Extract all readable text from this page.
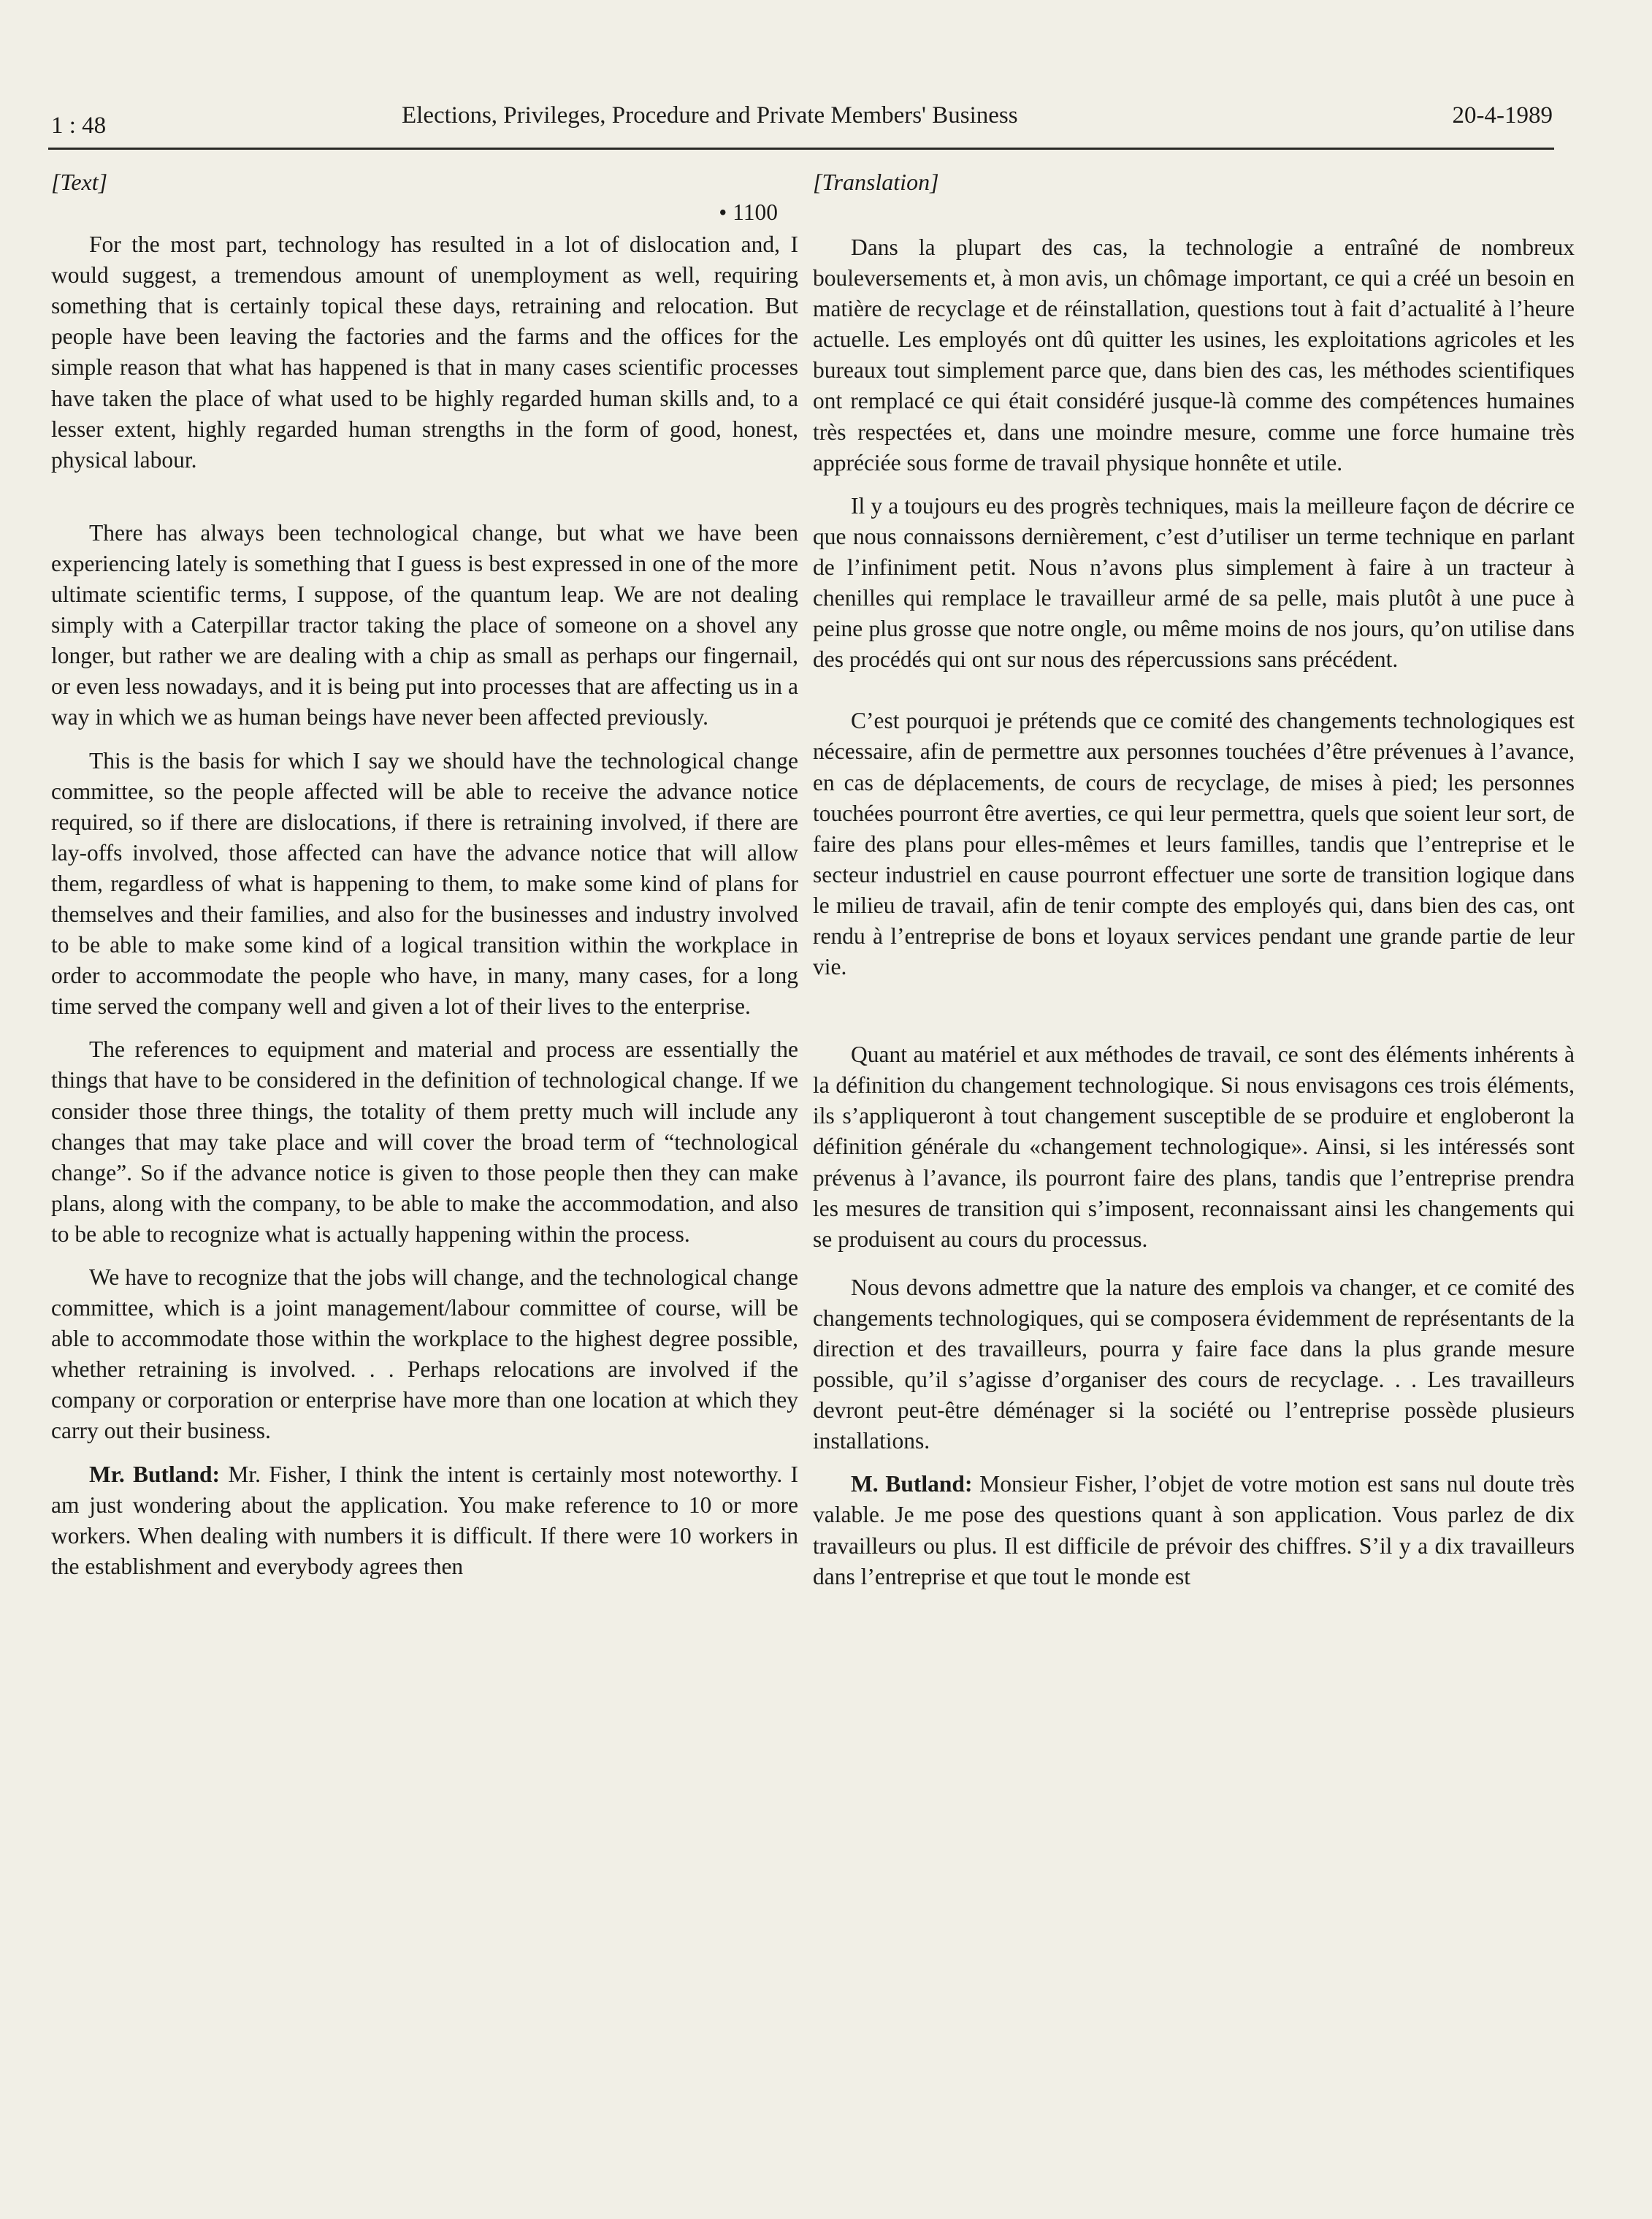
1 : 48	Elections, Privileges, Procedure and Private Members' Business	20-4-1989
[Text]
• 1100

For the most part, technology has resulted in a lot of dislocation and, I would suggest, a tremendous amount of unemployment as well, requiring something that is certainly topical these days, retraining and relocation. But people have been leaving the factories and the farms and the offices for the simple reason that what has happened is that in many cases scientific processes have taken the place of what used to be highly regarded human skills and, to a lesser extent, highly regarded human strengths in the form of good, honest, physical labour.

There has always been technological change, but what we have been experiencing lately is something that I guess is best expressed in one of the more ultimate scientific terms, I suppose, of the quantum leap. We are not dealing simply with a Caterpillar tractor taking the place of someone on a shovel any longer, but rather we are dealing with a chip as small as perhaps our fingernail, or even less nowadays, and it is being put into processes that are affecting us in a way in which we as human beings have never been affected previously.

This is the basis for which I say we should have the technological change committee, so the people affected will be able to receive the advance notice required, so if there are dislocations, if there is retraining involved, if there are lay-offs involved, those affected can have the advance notice that will allow them, regardless of what is happening to them, to make some kind of plans for themselves and their families, and also for the businesses and industry involved to be able to make some kind of a logical transition within the workplace in order to accommodate the people who have, in many, many cases, for a long time served the company well and given a lot of their lives to the enterprise.

The references to equipment and material and process are essentially the things that have to be considered in the definition of technological change. If we consider those three things, the totality of them pretty much will include any changes that may take place and will cover the broad term of “technological change”. So if the advance notice is given to those people then they can make plans, along with the company, to be able to make the accommodation, and also to be able to recognize what is actually happening within the process.

We have to recognize that the jobs will change, and the technological change committee, which is a joint management/labour committee of course, will be able to accommodate those within the workplace to the highest degree possible, whether retraining is involved. . . Perhaps relocations are involved if the company or corporation or enterprise have more than one location at which they carry out their business.

Mr. Butland: Mr. Fisher, I think the intent is certainly most noteworthy. I am just wondering about the application. You make reference to 10 or more workers. When dealing with numbers it is difficult. If there were 10 workers in the establishment and everybody agrees then

[Translation]

Dans la plupart des cas, la technologie a entraîné de nombreux bouleversements et, à mon avis, un chômage important, ce qui a créé un besoin en matière de recyclage et de réinstallation, questions tout à fait d’actualité à l’heure actuelle. Les employés ont dû quitter les usines, les exploitations agricoles et les bureaux tout simplement parce que, dans bien des cas, les méthodes scientifiques ont remplacé ce qui était considéré jusque-là comme des compétences humaines très respectées et, dans une moindre mesure, comme une force humaine très appréciée sous forme de travail physique honnête et utile.

Il y a toujours eu des progrès techniques, mais la meilleure façon de décrire ce que nous connaissons dernièrement, c’est d’utiliser un terme technique en parlant de l’infiniment petit. Nous n’avons plus simplement à faire à un tracteur à chenilles qui remplace le travailleur armé de sa pelle, mais plutôt à une puce à peine plus grosse que notre ongle, ou même moins de nos jours, qu’on utilise dans des procédés qui ont sur nous des répercussions sans précédent.

C’est pourquoi je prétends que ce comité des changements technologiques est nécessaire, afin de permettre aux personnes touchées d’être prévenues à l’avance, en cas de déplacements, de cours de recyclage, de mises à pied; les personnes touchées pourront être averties, ce qui leur permettra, quels que soient leur sort, de faire des plans pour elles-mêmes et leurs familles, tandis que l’entreprise et le secteur industriel en cause pourront effectuer une sorte de transition logique dans le milieu de travail, afin de tenir compte des employés qui, dans bien des cas, ont rendu à l’entreprise de bons et loyaux services pendant une grande partie de leur vie.

Quant au matériel et aux méthodes de travail, ce sont des éléments inhérents à la définition du changement technologique. Si nous envisagons ces trois éléments, ils s’appliqueront à tout changement susceptible de se produire et engloberont la définition générale du «changement technologique». Ainsi, si les intéressés sont prévenus à l’avance, ils pourront faire des plans, tandis que l’entreprise prendra les mesures de transition qui s’imposent, reconnaissant ainsi les changements qui se produisent au cours du processus.

Nous devons admettre que la nature des emplois va changer, et ce comité des changements technologiques, qui se composera évidemment de représentants de la direction et des travailleurs, pourra y faire face dans la plus grande mesure possible, qu’il s’agisse d’organiser des cours de recyclage. . . Les travailleurs devront peut-être déménager si la société ou l’entreprise possède plusieurs installations.

M. Butland: Monsieur Fisher, l’objet de votre motion est sans nul doute très valable. Je me pose des questions quant à son application. Vous parlez de dix travailleurs ou plus. Il est difficile de prévoir des chiffres. S’il y a dix travailleurs dans l’entreprise et que tout le monde est
